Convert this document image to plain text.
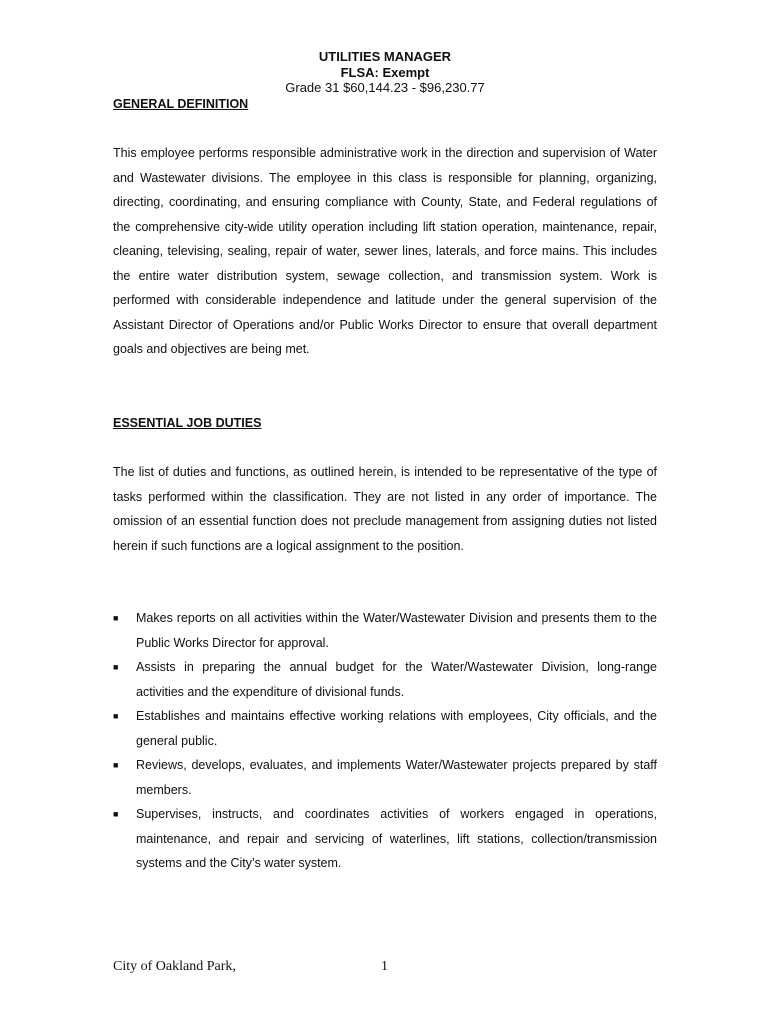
UTILITIES MANAGER
FLSA: Exempt
Grade 31 $60,144.23 - $96,230.77
GENERAL DEFINITION

This employee performs responsible administrative work in the direction and supervision of Water and Wastewater divisions. The employee in this class is responsible for planning, organizing, directing, coordinating, and ensuring compliance with County, State, and Federal regulations of the comprehensive city-wide utility operation including lift station operation, maintenance, repair, cleaning, televising, sealing, repair of water, sewer lines, laterals, and force mains. This includes the entire water distribution system, sewage collection, and transmission system. Work is performed with considerable independence and latitude under the general supervision of the Assistant Director of Operations and/or Public Works Director to ensure that overall department goals and objectives are being met.

ESSENTIAL JOB DUTIES

The list of duties and functions, as outlined herein, is intended to be representative of the type of tasks performed within the classification. They are not listed in any order of importance. The omission of an essential function does not preclude management from assigning duties not listed herein if such functions are a logical assignment to the position.

■ Makes reports on all activities within the Water/Wastewater Division and presents them to the Public Works Director for approval.
■ Assists in preparing the annual budget for the Water/Wastewater Division, long-range activities and the expenditure of divisional funds.
■ Establishes and maintains effective working relations with employees, City officials, and the general public.
■ Reviews, develops, evaluates, and implements Water/Wastewater projects prepared by staff members.
■ Supervises, instructs, and coordinates activities of workers engaged in operations, maintenance, and repair and servicing of waterlines, lift stations, collection/transmission systems and the City’s water system.
City of Oakland Park,	1
